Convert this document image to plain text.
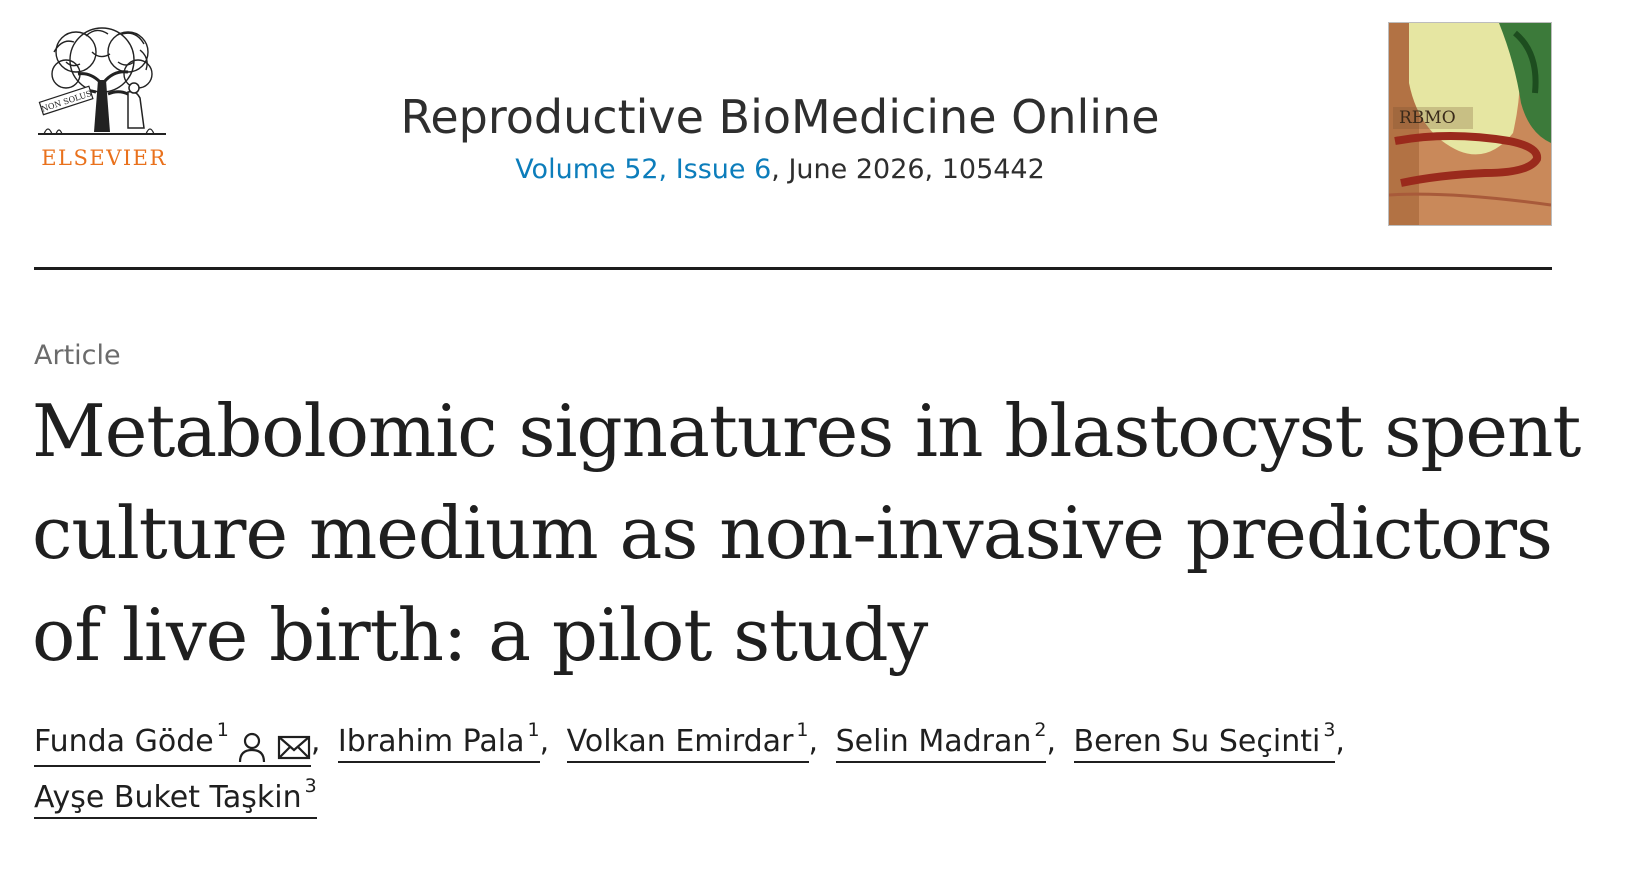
NON SOLUS
ELSEVIER
Reproductive BioMedicine Online
Volume 52, Issue 6, June 2026, 105442
RBMO
Article
Metabolomic signatures in blastocyst spent culture medium as non-invasive predictors of live birth: a pilot study
Funda Göde $^1$	, Ibrahim Pala $^1$, Volkan Emirdar $^1$, Selin Madran $^2$, Beren Su Seçinti $^3$,
Ayşe Buket Taşkin $^3$
